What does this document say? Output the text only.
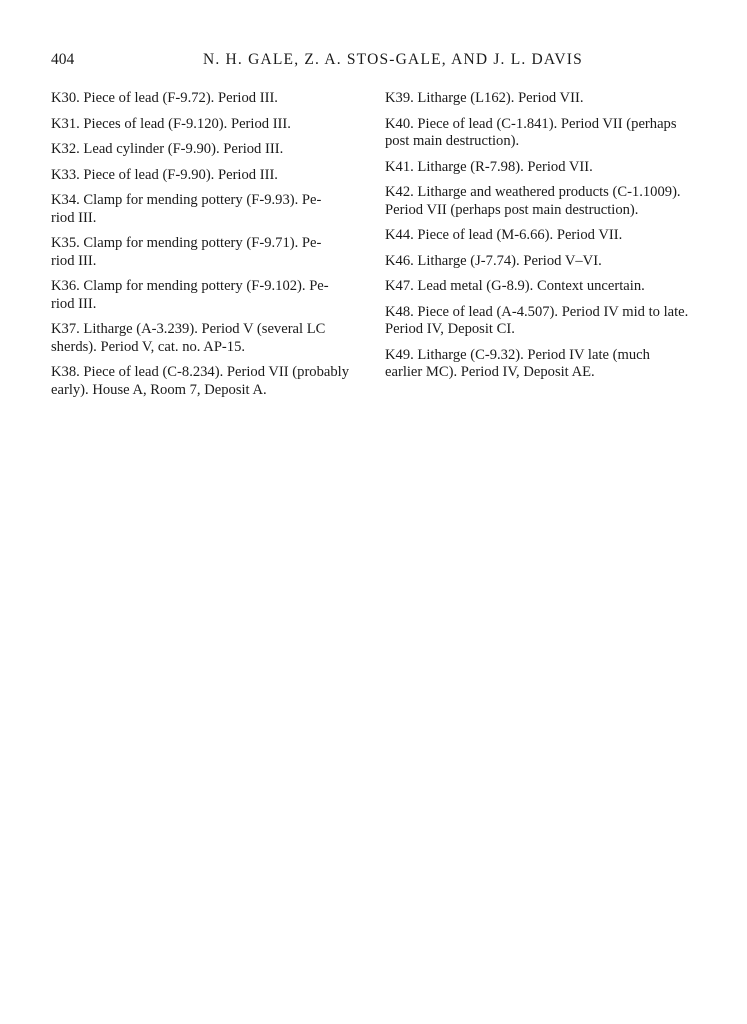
404	N. H. GALE, Z. A. STOS-GALE, AND J. L. DAVIS

K30. Piece of lead (F-9.72). Period III.

K31. Pieces of lead (F-9.120). Period III.

K32. Lead cylinder (F-9.90). Period III.

K33. Piece of lead (F-9.90). Period III.

K34. Clamp for mending pottery (F-9.93). Pe-
riod III.

K35. Clamp for mending pottery (F-9.71). Pe-
riod III.

K36. Clamp for mending pottery (F-9.102). Pe-
riod III.

K37. Litharge (A-3.239). Period V (several LC
sherds). Period V, cat. no. AP-15.

K38. Piece of lead (C-8.234). Period VII (probably
early). House A, Room 7, Deposit A.

K39. Litharge (L162). Period VII.

K40. Piece of lead (C-1.841). Period VII (perhaps
post main destruction).

K41. Litharge (R-7.98). Period VII.

K42. Litharge and weathered products (C-1.1009).
Period VII (perhaps post main destruction).

K44. Piece of lead (M-6.66). Period VII.

K46. Litharge (J-7.74). Period V–VI.

K47. Lead metal (G-8.9). Context uncertain.

K48. Piece of lead (A-4.507). Period IV mid to late.
Period IV, Deposit CI.

K49. Litharge (C-9.32). Period IV late (much
earlier MC). Period IV, Deposit AE.
